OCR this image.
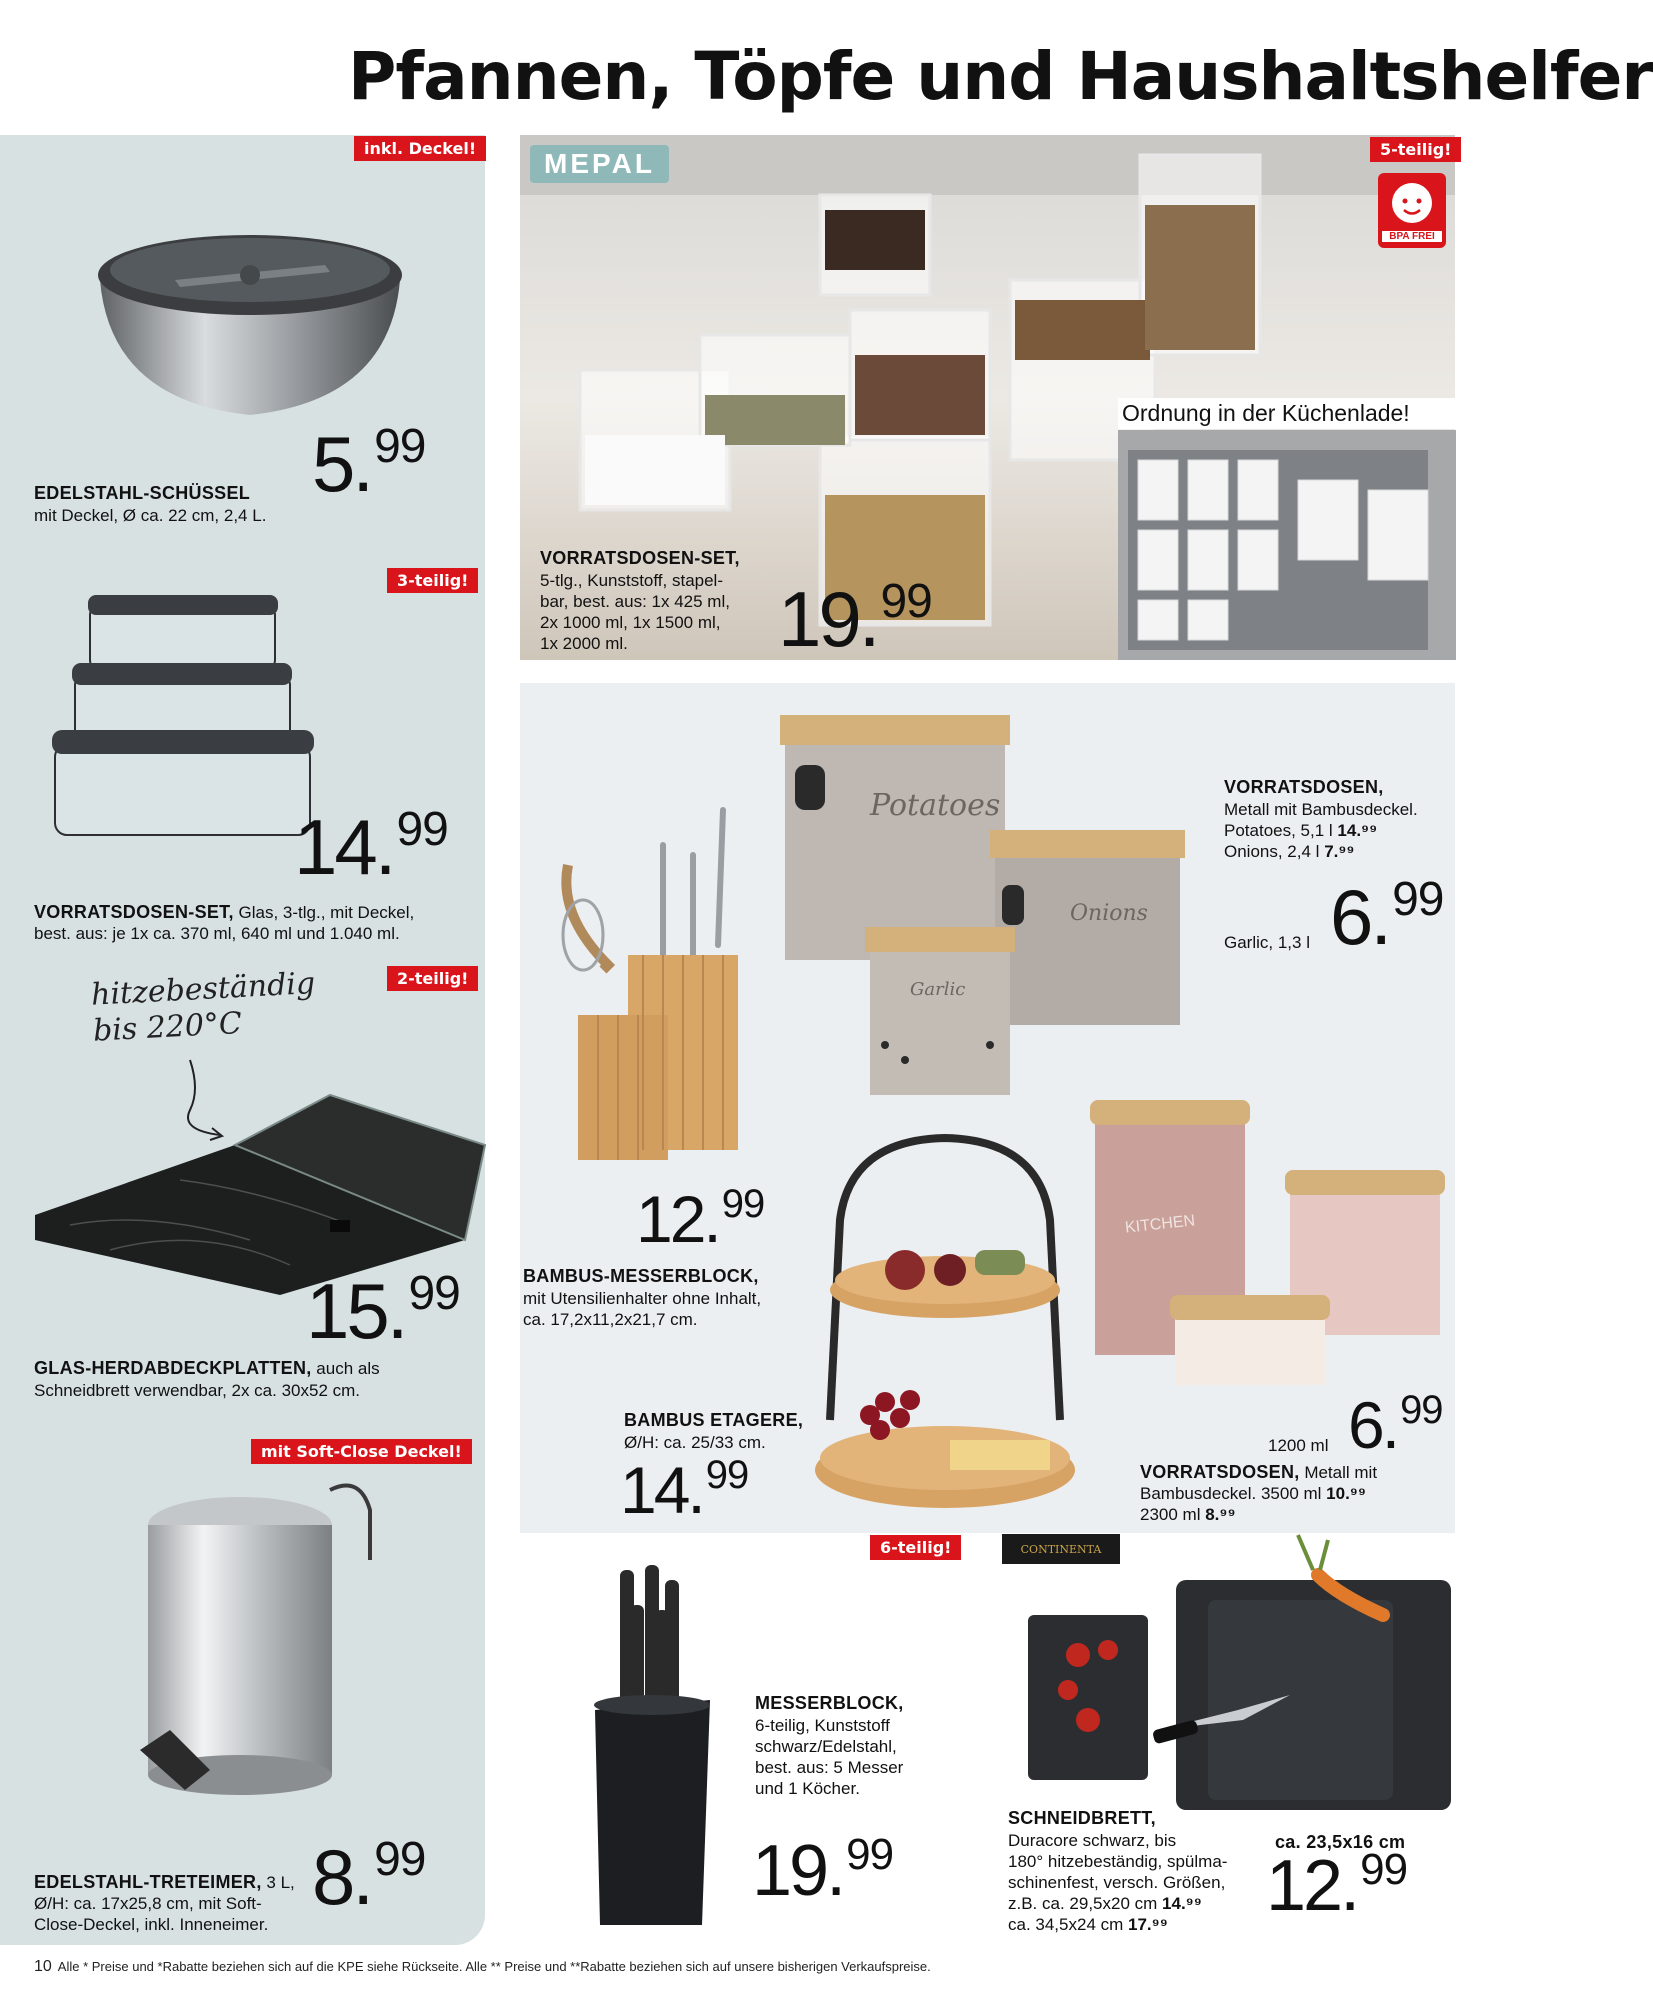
Pfannen, Töpfe und Haushaltshelfer
inkl. Deckel!
EDELSTAHL-SCHÜSSEL
mit Deckel, Ø ca. 22 cm, 2,4 L.
5.99
3-teilig!
VORRATSDOSEN-SET, Glas, 3-tlg., mit Deckel,
best. aus: je 1x ca. 370 ml, 640 ml und 1.040 ml.
14.99
2-teilig!
hitzebeständig bis 220°C
GLAS-HERDABDECKPLATTEN, auch als
Schneidbrett verwendbar, 2x ca. 30x52 cm.
15.99
mit Soft-Close Deckel!
EDELSTAHL-TRETEIMER, 3 L,
Ø/H: ca. 17x25,8 cm, mit Soft-
Close-Deckel, inkl. Inneneimer.
8.99
MEPAL	5-teilig!
BPA FREI
Ordnung in der Küchenlade!
VORRATSDOSEN-SET,
5-tlg., Kunststoff, stapel-
bar, best. aus: 1x 425 ml,
2x 1000 ml, 1x 1500 ml,
1x 2000 ml. 19.99
Potatoes
Onions
Garlic
VORRATSDOSEN,
Metall mit Bambusdeckel.
Potatoes, 5,1 l 14.⁹⁹
Onions, 2,4 l 7.⁹⁹
Garlic, 1,3 l 6.99
12.99
BAMBUS-MESSERBLOCK,
mit Utensilienhalter ohne Inhalt,
ca. 17,2x11,2x21,7 cm.
BAMBUS ETAGERE,
Ø/H: ca. 25/33 cm.
14.99
KITCHEN
1200 ml 6.99
VORRATSDOSEN, Metall mit
Bambusdeckel. 3500 ml 10.⁹⁹
2300 ml 8.⁹⁹
6-teilig!	CONTINENTA
MESSERBLOCK,
6-teilig, Kunststoff
schwarz/Edelstahl,
best. aus: 5 Messer
und 1 Köcher.
19.99
SCHNEIDBRETT,
Duracore schwarz, bis
180° hitzebeständig, spülma-
schinenfest, versch. Größen,
z.B. ca. 29,5x20 cm 14.⁹⁹
ca. 34,5x24 cm 17.⁹⁹
ca. 23,5x16 cm
12.99
10 Alle * Preise und *Rabatte beziehen sich auf die KPE siehe Rückseite. Alle ** Preise und **Rabatte beziehen sich auf unsere bisherigen Verkaufspreise.
